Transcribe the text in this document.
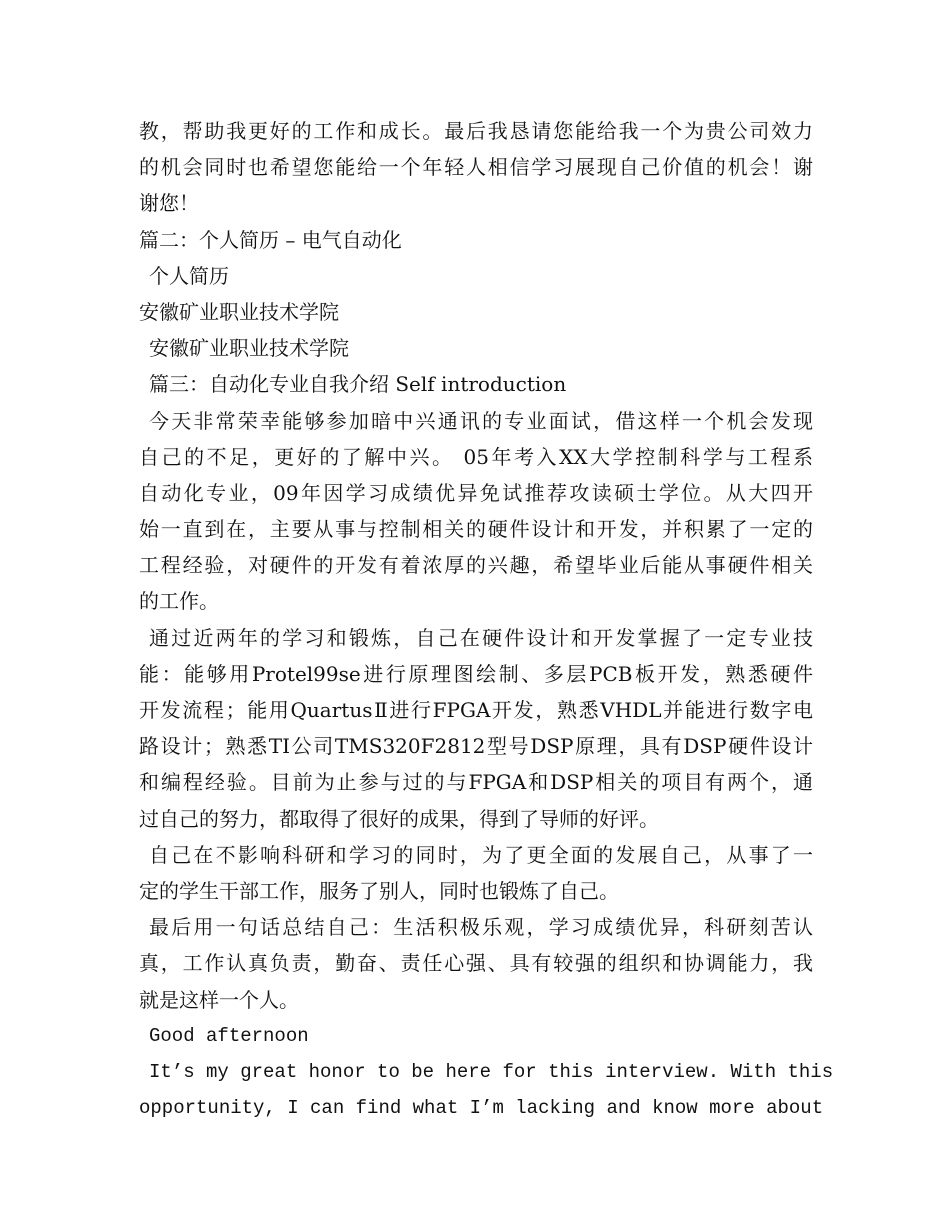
教，帮助我更好的工作和成长。最后我恳请您能给我一个为贵公司效力
的机会同时也希望您能给一个年轻人相信学习展现自己价值的机会！谢
谢您！
篇二：个人简历 – 电气自动化
个人简历
安徽矿业职业技术学院
安徽矿业职业技术学院
篇三：自动化专业自我介绍 Self introduction
今天非常荣幸能够参加暗中兴通讯的专业面试，借这样一个机会发现
自己的不足，更好的了解中兴。 05年考入XX大学控制科学与工程系
自动化专业，09年因学习成绩优异免试推荐攻读硕士学位。从大四开
始一直到在，主要从事与控制相关的硬件设计和开发，并积累了一定的
工程经验，对硬件的开发有着浓厚的兴趣，希望毕业后能从事硬件相关
的工作。
通过近两年的学习和锻炼，自己在硬件设计和开发掌握了一定专业技
能：能够用Protel99se进行原理图绘制、多层PCB板开发，熟悉硬件
开发流程；能用QuartusⅡ进行FPGA开发，熟悉VHDL并能进行数字电
路设计；熟悉TI公司TMS320F2812型号DSP原理，具有DSP硬件设计
和编程经验。目前为止参与过的与FPGA和DSP相关的项目有两个，通
过自己的努力，都取得了很好的成果，得到了导师的好评。
自己在不影响科研和学习的同时，为了更全面的发展自己，从事了一
定的学生干部工作，服务了别人，同时也锻炼了自己。
最后用一句话总结自己：生活积极乐观，学习成绩优异，科研刻苦认
真，工作认真负责，勤奋、责任心强、具有较强的组织和协调能力，我
就是这样一个人。
Good afternoon
It’s my great honor to be here for this interview. With this
opportunity, I can find what I’m lacking and know more about
